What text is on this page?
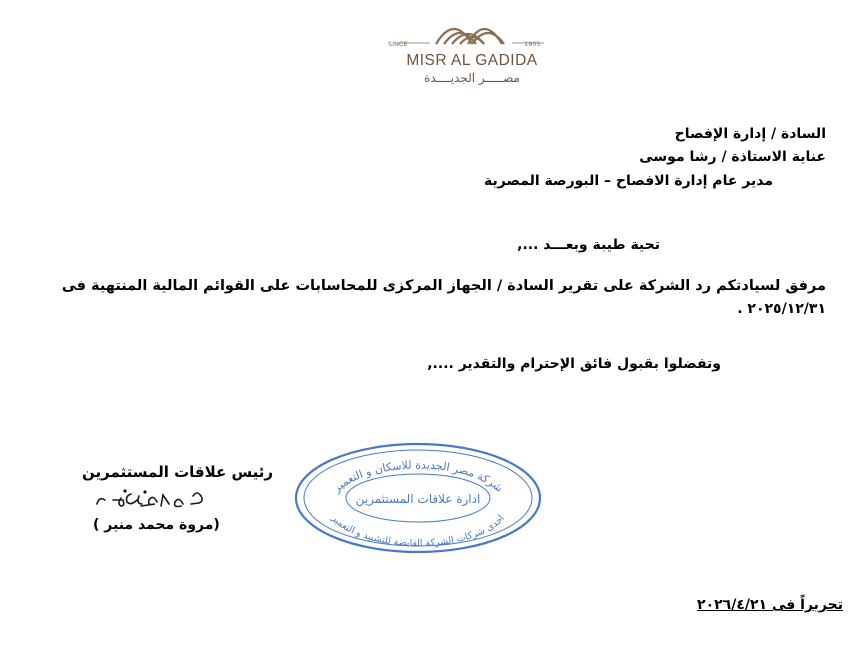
SINCE	1905
MISR AL GADIDA
مصـــــر الجديــــدة
السادة / إدارة الإفصاح
عناية الاستاذة / رشا موسى
مدير عام إدارة الافصاح – البورصة المصرية
تحية طيبة وبعـــد ...,
مرفق لسيادتكم رد الشركة على تقرير السادة / الجهاز المركزى للمحاسابات على القوائم المالية المنتهية فى
٢٠٢٥/١٢/٣١ .
وتفضلوا بقبول فائق الإحترام والتقدير ....,
رئيس علاقات المستثمرين
مروة منير
(مروة محمد منير )
شركة مصر الجديدة للاسكان و التعمير
ادارة علاقات المستثمرين
احدى شركات الشركة القابضة للتشييد و التعمير
تحريراً فى ٢٠٢٦/٤/٢١
